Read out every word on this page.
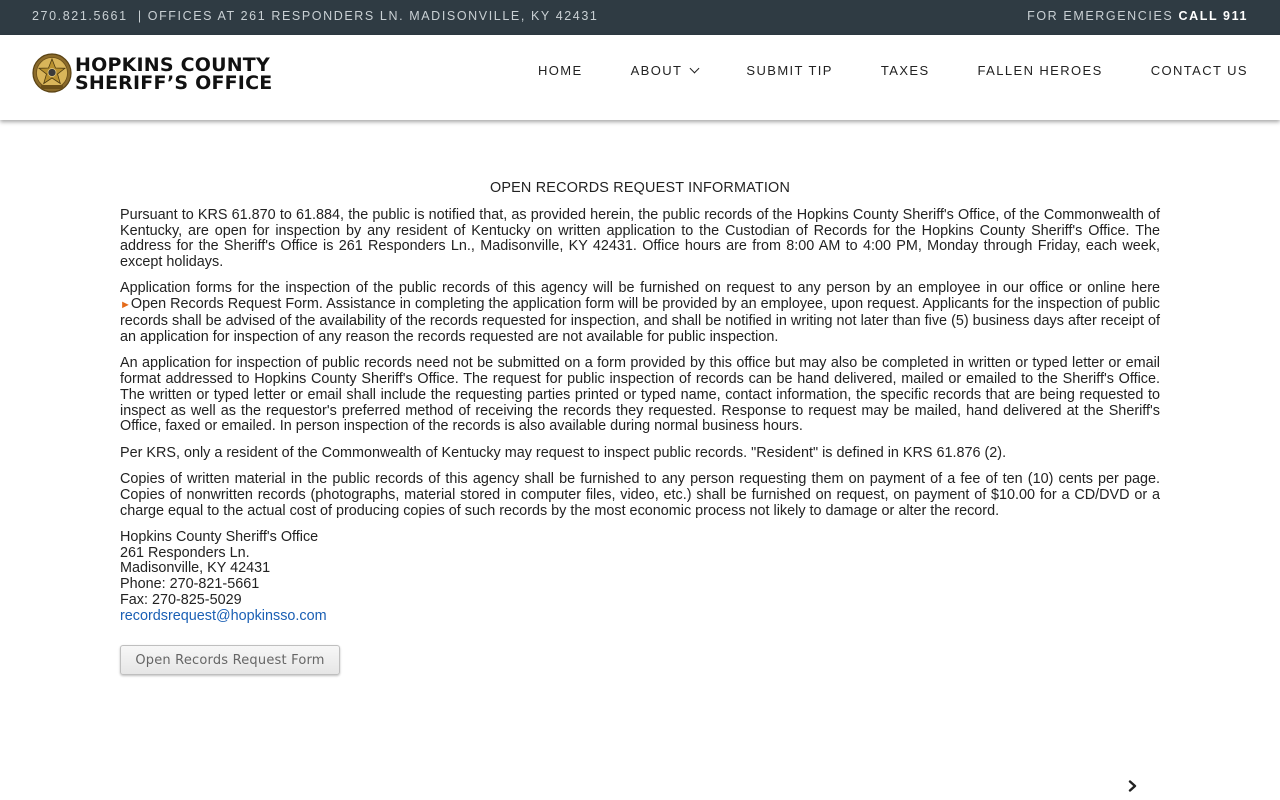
270.821.5661 | OFFICES AT 261 RESPONDERS LN. MADISONVILLE, KY 42431	FOR EMERGENCIES CALL 911
HOPKINS COUNTY
SHERIFF’S OFFICE
HOME	ABOUT	SUBMIT TIP	TAXES	FALLEN HEROES	CONTACT US
OPEN RECORDS REQUEST INFORMATION

Pursuant to KRS 61.870 to 61.884, the public is notified that, as provided herein, the public records of the Hopkins County Sheriff's Office, of the Commonwealth of Kentucky, are open for inspection by any resident of Kentucky on written application to the Custodian of Records for the Hopkins County Sheriff's Office. The address for the Sheriff's Office is 261 Responders Ln., Madisonville, KY 42431. Office hours are from 8:00 AM to 4:00 PM, Monday through Friday, each week, except holidays.

Application forms for the inspection of the public records of this agency will be furnished on request to any person by an employee in our office or online here ►Open Records Request Form. Assistance in completing the application form will be provided by an employee, upon request. Applicants for the inspection of public records shall be advised of the availability of the records requested for inspection, and shall be notified in writing not later than five (5) business days after receipt of an application for inspection of any reason the records requested are not available for public inspection.

An application for inspection of public records need not be submitted on a form provided by this office but may also be completed in written or typed letter or email format addressed to Hopkins County Sheriff's Office. The request for public inspection of records can be hand delivered, mailed or emailed to the Sheriff's Office. The written or typed letter or email shall include the requesting parties printed or typed name, contact information, the specific records that are being requested to inspect as well as the requestor's preferred method of receiving the records they requested. Response to request may be mailed, hand delivered at the Sheriff's Office, faxed or emailed. In person inspection of the records is also available during normal business hours.

Per KRS, only a resident of the Commonwealth of Kentucky may request to inspect public records. "Resident" is defined in KRS 61.876 (2).

Copies of written material in the public records of this agency shall be furnished to any person requesting them on payment of a fee of ten (10) cents per page. Copies of nonwritten records (photographs, material stored in computer files, video, etc.) shall be furnished on request, on payment of $10.00 for a CD/DVD or a charge equal to the actual cost of producing copies of such records by the most economic process not likely to damage or alter the record.

Hopkins County Sheriff's Office
261 Responders Ln.
Madisonville, KY 42431
Phone: 270-821-5661
Fax: 270-825-5029
recordsrequest@hopkinsso.com
Open Records Request Form
